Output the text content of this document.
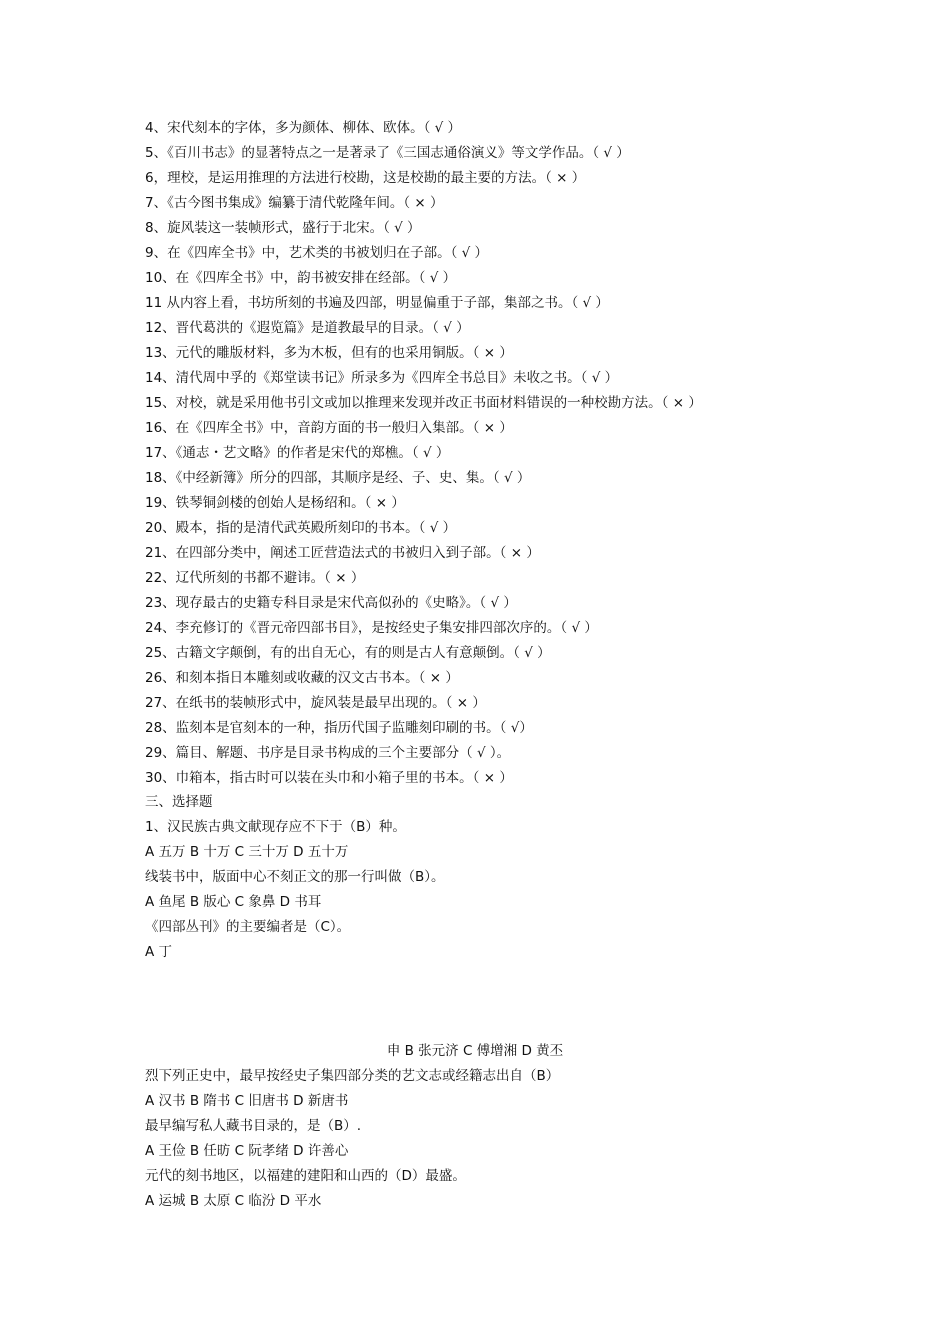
4、宋代刻本的字体，多为颜体、柳体、欧体。（ √ ）
5、《百川书志》的显著特点之一是著录了《三国志通俗演义》等文学作品。（ √ ）
6，理校，是运用推理的方法进行校勘，这是校勘的最主要的方法。（ × ）
7、《古今图书集成》编纂于清代乾隆年间。（ × ）
8、旋风装这一装帧形式，盛行于北宋。（ √ ）
9、在《四库全书》中，艺术类的书被划归在子部。（ √ ）
10、在《四库全书》中，韵书被安排在经部。（ √ ）
11 从内容上看，书坊所刻的书遍及四部，明显偏重于子部，集部之书。（ √ ）
12、晋代葛洪的《遐览篇》是道教最早的目录。（ √ ）
13、元代的雕版材料，多为木板，但有的也采用铜版。（ × ）
14、清代周中孚的《郑堂读书记》所录多为《四库全书总目》未收之书。（ √ ）
15、对校，就是采用他书引文或加以推理来发现并改正书面材料错误的一种校勘方法。（ × ）
16、在《四库全书》中，音韵方面的书一般归入集部。（ × ）
17、《通志・艺文略》的作者是宋代的郑樵。（ √ ）
18、《中经新簿》所分的四部，其顺序是经、子、史、集。（ √ ）
19、铁琴铜剑楼的创始人是杨绍和。（ × ）
20、殿本，指的是清代武英殿所刻印的书本。（ √ ）
21、在四部分类中，阐述工匠营造法式的书被归入到子部。（ × ）
22、辽代所刻的书都不避讳。（ × ）
23、现存最古的史籍专科目录是宋代高似孙的《史略》。（ √ ）
24、李充修订的《晋元帝四部书目》，是按经史子集安排四部次序的。（ √ ）
25、古籍文字颠倒，有的出自无心，有的则是古人有意颠倒。（ √ ）
26、和刻本指日本雕刻或收藏的汉文古书本。（ × ）
27、在纸书的装帧形式中，旋风装是最早出现的。（ × ）
28、监刻本是官刻本的一种，指历代国子监雕刻印刷的书。（ √）
29、篇目、解题、书序是目录书构成的三个主要部分（ √ ）。
30、巾箱本，指古时可以装在头巾和小箱子里的书本。（ × ）
三、选择题
1、汉民族古典文献现存应不下于（B）种。
A 五万 B 十万 C 三十万 D 五十万
线装书中，版面中心不刻正文的那一行叫做（B）。
A 鱼尾 B 版心 C 象鼻 D 书耳
《四部丛刊》的主要编者是（C）。
A 丁
申 B 张元济 C 傅增湘 D 黄丕
烈下列正史中，最早按经史子集四部分类的艺文志或经籍志出自（B）
A 汉书 B 隋书 C 旧唐书 D 新唐书
最早编写私人藏书目录的，是（B）.
A 王俭 B 任昉 C 阮孝绪 D 许善心
元代的刻书地区，以福建的建阳和山西的（D）最盛。
A 运城 B 太原 C 临汾 D 平水
